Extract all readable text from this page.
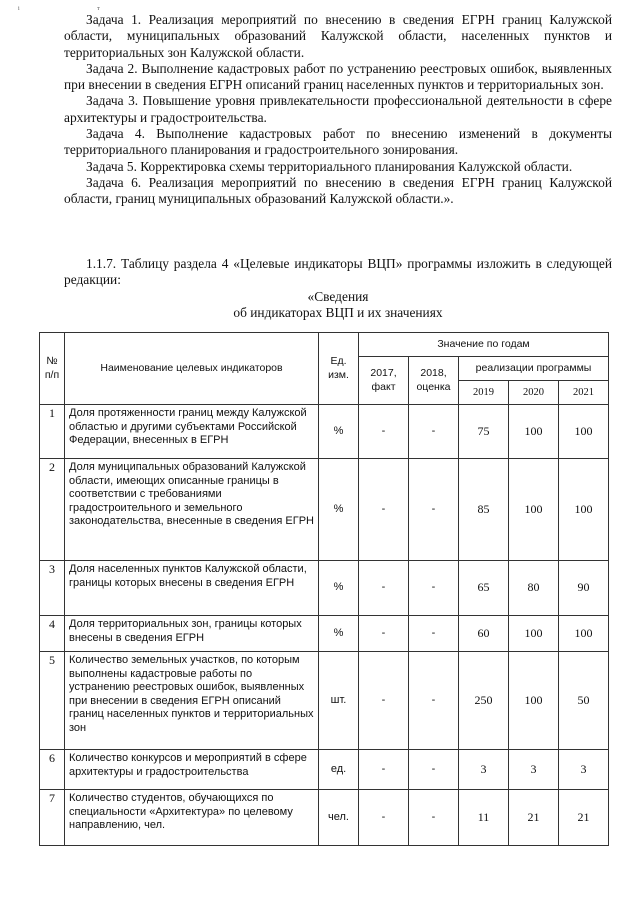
i т

Задача 1. Реализация мероприятий по внесению в сведения ЕГРН границ Калужской области, муниципальных образований Калужской области, населенных пунктов и территориальных зон Калужской области.

Задача 2. Выполнение кадастровых работ по устранению реестровых ошибок, выявленных при внесении в сведения ЕГРН описаний границ населенных пунктов и территориальных зон.

Задача 3. Повышение уровня привлекательности профессиональной деятельности в сфере архитектуры и градостроительства.

Задача 4. Выполнение кадастровых работ по внесению изменений в документы территориального планирования и градостроительного зонирования.

Задача 5. Корректировка схемы территориального планирования Калужской области.

Задача 6. Реализация мероприятий по внесению в сведения ЕГРН границ Калужской области, границ муниципальных образований Калужской области.».

1.1.7. Таблицу раздела 4 «Целевые индикаторы ВЦП» программы изложить в следующей редакции:

«Сведения
об индикаторах ВЦП и их значениях
№ п/п	Наименование целевых индикаторов	Ед. изм.	Значение по годам				
			2017, факт	2018, оценка	реализации программы		
					2019	2020	2021
1	Доля протяженности границ между Калужской областью и другими субъектами Российской Федерации, внесенных в ЕГРН	%	-	-	75	100	100
2	Доля муниципальных образований Калужской области, имеющих описанные границы в соответствии с требованиями градостроительного и земельного законодательства, внесенные в сведения ЕГРН	%	-	-	85	100	100
3	Доля населенных пунктов Калужской области, границы которых внесены в сведения ЕГРН	%	-	-	65	80	90
4	Доля территориальных зон, границы которых внесены в сведения ЕГРН	%	-	-	60	100	100
5	Количество земельных участков, по которым выполнены кадастровые работы по устранению реестровых ошибок, выявленных при внесении в сведения ЕГРН описаний границ населенных пунктов и территориальных зон	шт.	-	-	250	100	50
6	Количество конкурсов и мероприятий в сфере архитектуры и градостроительства	ед.	-	-	3	3	3
7	Количество студентов, обучающихся по специальности «Архитектура» по целевому направлению, чел.	чел.	-	-	11	21	21
